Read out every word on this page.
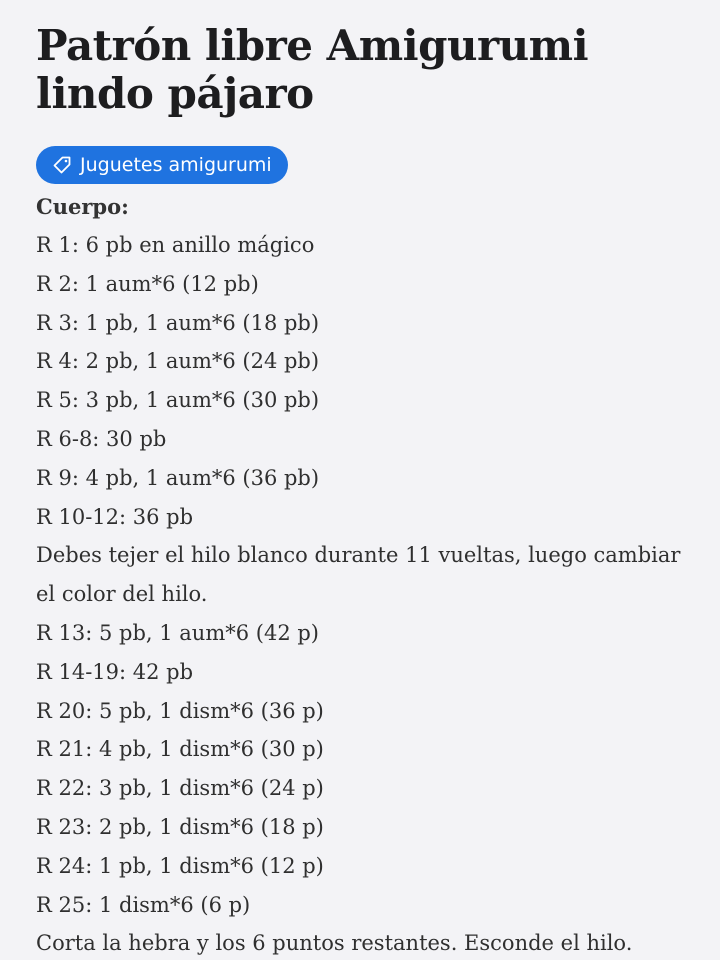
Patrón libre Amigurumi
lindo pájaro
Juguetes amigurumi
Cuerpo:
R 1: 6 pb en anillo mágico
R 2: 1 aum*6 (12 pb)
R 3: 1 pb, 1 aum*6 (18 pb)
R 4: 2 pb, 1 aum*6 (24 pb)
R 5: 3 pb, 1 aum*6 (30 pb)
R 6-8: 30 pb
R 9: 4 pb, 1 aum*6 (36 pb)
R 10-12: 36 pb
Debes tejer el hilo blanco durante 11 vueltas, luego cambiar
el color del hilo.
R 13: 5 pb, 1 aum*6 (42 p)
R 14-19: 42 pb
R 20: 5 pb, 1 dism*6 (36 p)
R 21: 4 pb, 1 dism*6 (30 p)
R 22: 3 pb, 1 dism*6 (24 p)
R 23: 2 pb, 1 dism*6 (18 p)
R 24: 1 pb, 1 dism*6 (12 p)
R 25: 1 dism*6 (6 p)
Corta la hebra y los 6 puntos restantes. Esconde el hilo.
